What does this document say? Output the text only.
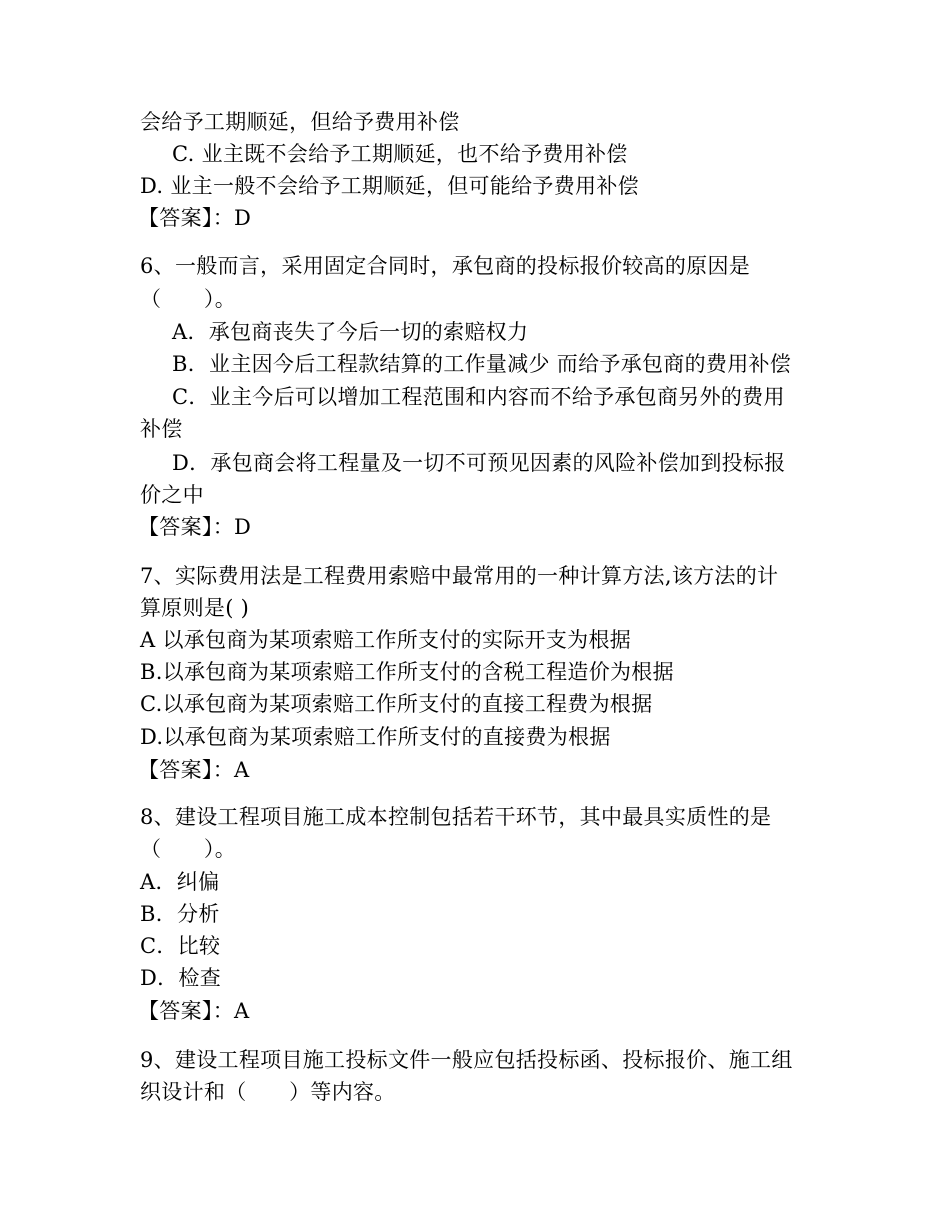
会给予工期顺延，但给予费用补偿
C. 业主既不会给予工期顺延，也不给予费用补偿
D. 业主一般不会给予工期顺延，但可能给予费用补偿
【答案】：D
6、一般而言，采用固定合同时，承包商的投标报价较高的原因是
（　　）。
A．承包商丧失了今后一切的索赔权力
B．业主因今后工程款结算的工作量减少 而给予承包商的费用补偿
C．业主今后可以增加工程范围和内容而不给予承包商另外的费用
补偿
D．承包商会将工程量及一切不可预见因素的风险补偿加到投标报
价之中
【答案】：D
7、实际费用法是工程费用索赔中最常用的一种计算方法,该方法的计
算原则是( )
A 以承包商为某项索赔工作所支付的实际开支为根据
B.以承包商为某项索赔工作所支付的含税工程造价为根据
C.以承包商为某项索赔工作所支付的直接工程费为根据
D.以承包商为某项索赔工作所支付的直接费为根据
【答案】：A
8、建设工程项目施工成本控制包括若干环节，其中最具实质性的是
（　　）。
A．纠偏
B．分析
C．比较
D．检查
【答案】：A
9、建设工程项目施工投标文件一般应包括投标函、投标报价、施工组
织设计和（　　）等内容。
